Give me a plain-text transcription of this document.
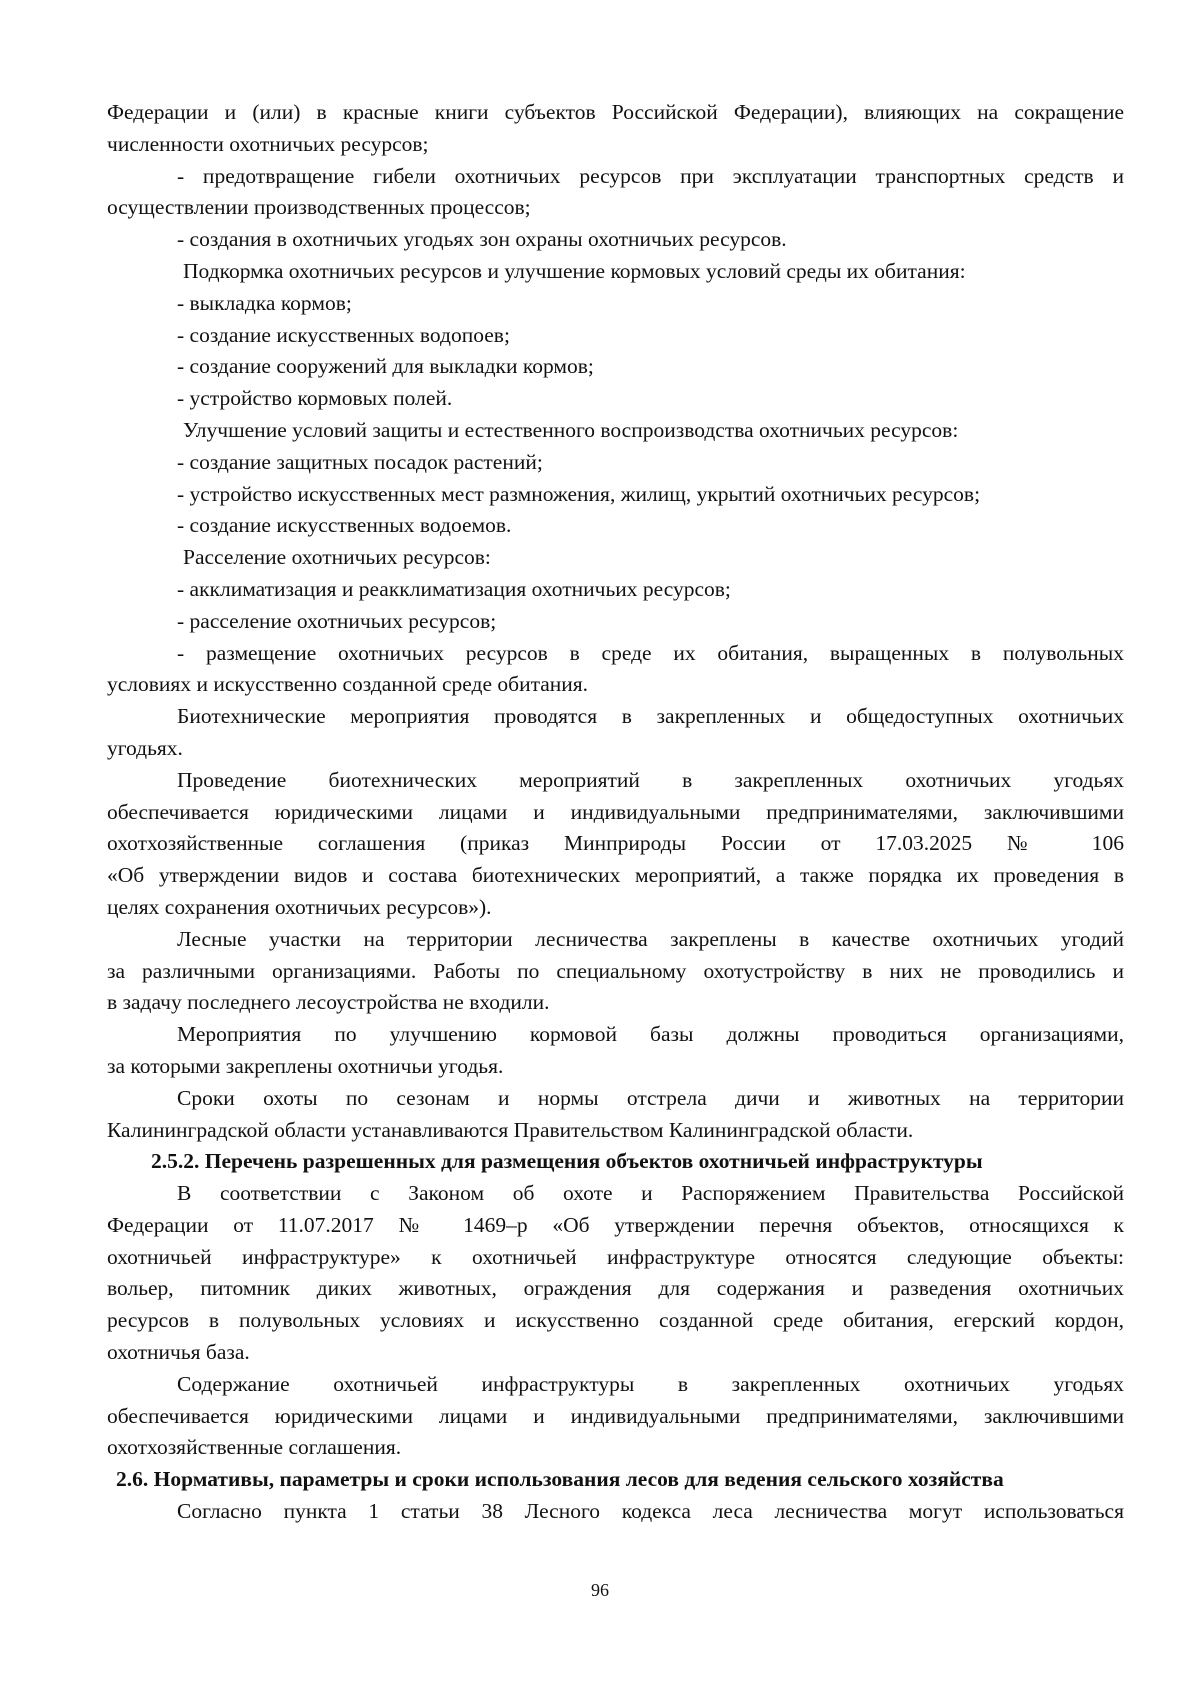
Федерации и (или) в красные книги субъектов Российской Федерации), влияющих на сокращение
численности охотничьих ресурсов;
- предотвращение гибели охотничьих ресурсов при эксплуатации транспортных средств и
осуществлении производственных процессов;
- создания в охотничьих угодьях зон охраны охотничьих ресурсов.
Подкормка охотничьих ресурсов и улучшение кормовых условий среды их обитания:
- выкладка кормов;
- создание искусственных водопоев;
- создание сооружений для выкладки кормов;
- устройство кормовых полей.
Улучшение условий защиты и естественного воспроизводства охотничьих ресурсов:
- создание защитных посадок растений;
- устройство искусственных мест размножения, жилищ, укрытий охотничьих ресурсов;
- создание искусственных водоемов.
Расселение охотничьих ресурсов:
- акклиматизация и реакклиматизация охотничьих ресурсов;
- расселение охотничьих ресурсов;
- размещение охотничьих ресурсов в среде их обитания, выращенных в полувольных
условиях и искусственно созданной среде обитания.
Биотехнические мероприятия проводятся в закрепленных и общедоступных охотничьих
угодьях.
Проведение биотехнических мероприятий в закрепленных охотничьих угодьях
обеспечивается юридическими лицами и индивидуальными предпринимателями, заключившими
охотхозяйственные соглашения (приказ Минприроды России от 17.03.2025 № 106
«Об утверждении видов и состава биотехнических мероприятий, а также порядка их проведения в
целях сохранения охотничьих ресурсов»).
Лесные участки на территории лесничества закреплены в качестве охотничьих угодий
за различными организациями. Работы по специальному охотустройству в них не проводились и
в задачу последнего лесоустройства не входили.
Мероприятия по улучшению кормовой базы должны проводиться организациями,
за которыми закреплены охотничьи угодья.
Сроки охоты по сезонам и нормы отстрела дичи и животных на территории
Калининградской области устанавливаются Правительством Калининградской области.
2.5.2. Перечень разрешенных для размещения объектов охотничьей инфраструктуры
В соответствии с Законом об охоте и Распоряжением Правительства Российской
Федерации от 11.07.2017 № 1469–р «Об утверждении перечня объектов, относящихся к
охотничьей инфраструктуре» к охотничьей инфраструктуре относятся следующие объекты:
вольер, питомник диких животных, ограждения для содержания и разведения охотничьих
ресурсов в полувольных условиях и искусственно созданной среде обитания, егерский кордон,
охотничья база.
Содержание охотничьей инфраструктуры в закрепленных охотничьих угодьях
обеспечивается юридическими лицами и индивидуальными предпринимателями, заключившими
охотхозяйственные соглашения.
2.6. Нормативы, параметры и сроки использования лесов для ведения сельского хозяйства
Согласно пункта 1 статьи 38 Лесного кодекса леса лесничества могут использоваться
96
